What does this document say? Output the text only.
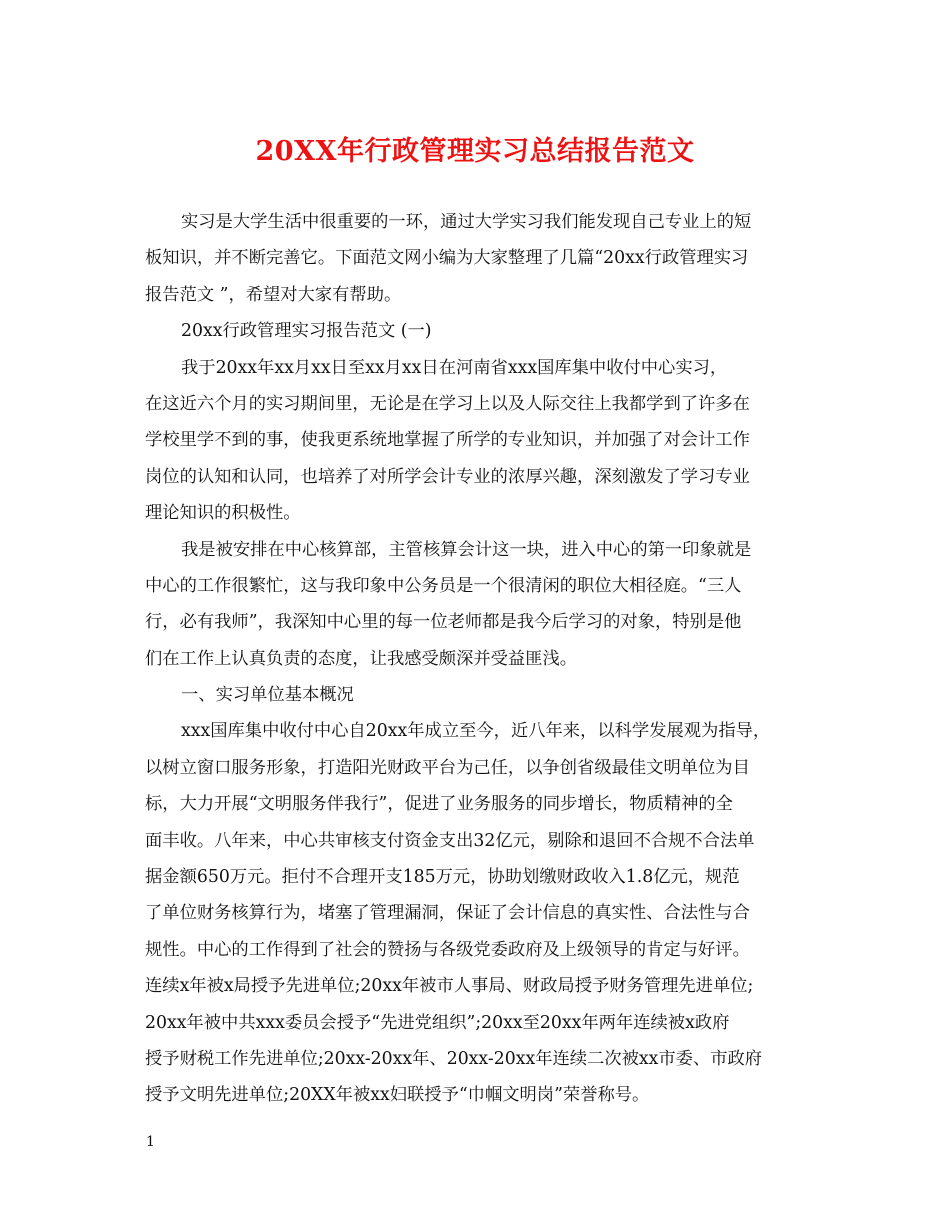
20XX年行政管理实习总结报告范文
实习是大学生活中很重要的一环，通过大学实习我们能发现自己专业上的短
板知识，并不断完善它。下面范文网小编为大家整理了几篇“20xx行政管理实习
报告范文 ”，希望对大家有帮助。
20xx行政管理实习报告范文 (一)
我于20xx年xx月xx日至xx月xx日在河南省xxx国库集中收付中心实习，
在这近六个月的实习期间里，无论是在学习上以及人际交往上我都学到了许多在
学校里学不到的事，使我更系统地掌握了所学的专业知识，并加强了对会计工作
岗位的认知和认同，也培养了对所学会计专业的浓厚兴趣，深刻激发了学习专业
理论知识的积极性。
我是被安排在中心核算部，主管核算会计这一块，进入中心的第一印象就是
中心的工作很繁忙，这与我印象中公务员是一个很清闲的职位大相径庭。“三人
行，必有我师”，我深知中心里的每一位老师都是我今后学习的对象，特别是他
们在工作上认真负责的态度，让我感受颇深并受益匪浅。
一、实习单位基本概况
xxx国库集中收付中心自20xx年成立至今，近八年来，以科学发展观为指导，
以树立窗口服务形象，打造阳光财政平台为己任，以争创省级最佳文明单位为目
标，大力开展“文明服务伴我行”，促进了业务服务的同步增长，物质精神的全
面丰收。八年来，中心共审核支付资金支出32亿元，剔除和退回不合规不合法单
据金额650万元。拒付不合理开支185万元，协助划缴财政收入1.8亿元，规范
了单位财务核算行为，堵塞了管理漏洞，保证了会计信息的真实性、合法性与合
规性。中心的工作得到了社会的赞扬与各级党委政府及上级领导的肯定与好评。
连续x年被x局授予先进单位;20xx年被市人事局、财政局授予财务管理先进单位;
20xx年被中共xxx委员会授予“先进党组织”;20xx至20xx年两年连续被x政府
授予财税工作先进单位;20xx-20xx年、20xx-20xx年连续二次被xx市委、市政府
授予文明先进单位;20XX年被xx妇联授予“巾帼文明岗”荣誉称号。
1
